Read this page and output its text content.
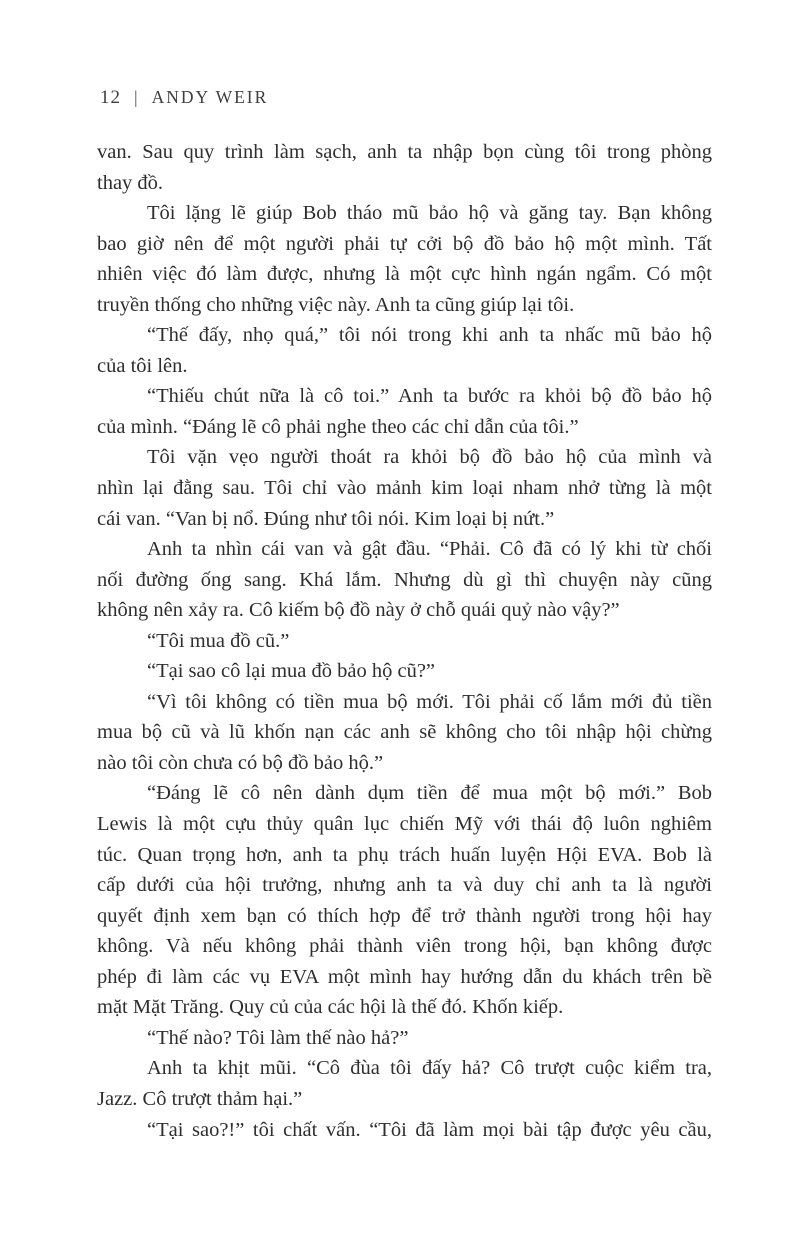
12 | ANDY WEIR
van. Sau quy trình làm sạch, anh ta nhập bọn cùng tôi trong phòng
thay đồ.
Tôi lặng lẽ giúp Bob tháo mũ bảo hộ và găng tay. Bạn không
bao giờ nên để một người phải tự cởi bộ đồ bảo hộ một mình. Tất
nhiên việc đó làm được, nhưng là một cực hình ngán ngẩm. Có một
truyền thống cho những việc này. Anh ta cũng giúp lại tôi.
“Thế đấy, nhọ quá,” tôi nói trong khi anh ta nhấc mũ bảo hộ
của tôi lên.
“Thiếu chút nữa là cô toi.” Anh ta bước ra khỏi bộ đồ bảo hộ
của mình. “Đáng lẽ cô phải nghe theo các chỉ dẫn của tôi.”
Tôi vặn vẹo người thoát ra khỏi bộ đồ bảo hộ của mình và
nhìn lại đằng sau. Tôi chỉ vào mảnh kim loại nham nhở từng là một
cái van. “Van bị nổ. Đúng như tôi nói. Kim loại bị nứt.”
Anh ta nhìn cái van và gật đầu. “Phải. Cô đã có lý khi từ chối
nối đường ống sang. Khá lắm. Nhưng dù gì thì chuyện này cũng
không nên xảy ra. Cô kiếm bộ đồ này ở chỗ quái quỷ nào vậy?”
“Tôi mua đồ cũ.”
“Tại sao cô lại mua đồ bảo hộ cũ?”
“Vì tôi không có tiền mua bộ mới. Tôi phải cố lắm mới đủ tiền
mua bộ cũ và lũ khốn nạn các anh sẽ không cho tôi nhập hội chừng
nào tôi còn chưa có bộ đồ bảo hộ.”
“Đáng lẽ cô nên dành dụm tiền để mua một bộ mới.” Bob
Lewis là một cựu thủy quân lục chiến Mỹ với thái độ luôn nghiêm
túc. Quan trọng hơn, anh ta phụ trách huấn luyện Hội EVA. Bob là
cấp dưới của hội trưởng, nhưng anh ta và duy chỉ anh ta là người
quyết định xem bạn có thích hợp để trở thành người trong hội hay
không. Và nếu không phải thành viên trong hội, bạn không được
phép đi làm các vụ EVA một mình hay hướng dẫn du khách trên bề
mặt Mặt Trăng. Quy củ của các hội là thế đó. Khốn kiếp.
“Thế nào? Tôi làm thế nào hả?”
Anh ta khịt mũi. “Cô đùa tôi đấy hả? Cô trượt cuộc kiểm tra,
Jazz. Cô trượt thảm hại.”
“Tại sao?!” tôi chất vấn. “Tôi đã làm mọi bài tập được yêu cầu,
